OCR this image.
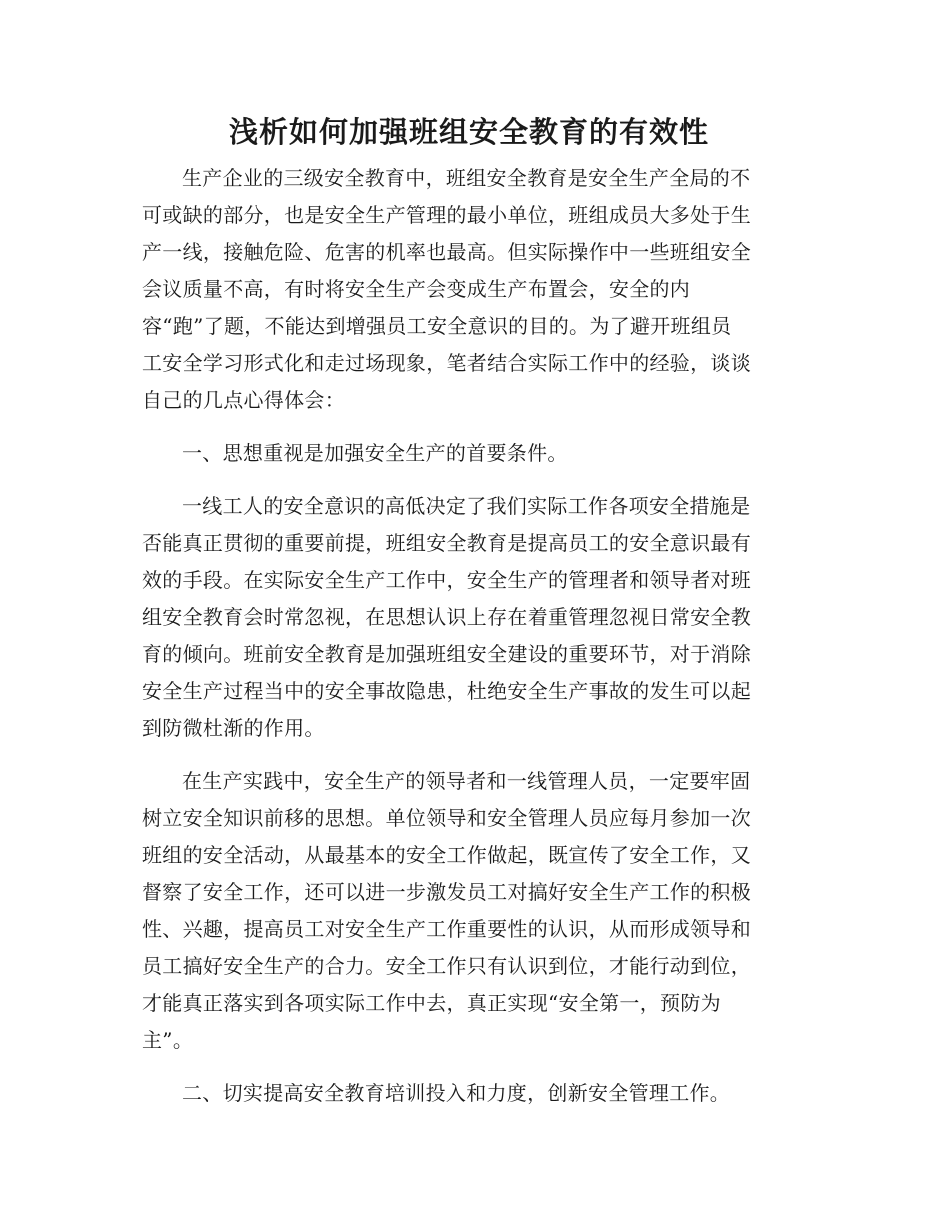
浅析如何加强班组安全教育的有效性

生产企业的三级安全教育中，班组安全教育是安全生产全局的不
可或缺的部分，也是安全生产管理的最小单位，班组成员大多处于生
产一线，接触危险、危害的机率也最高。但实际操作中一些班组安全
会议质量不高，有时将安全生产会变成生产布置会，安全的内
容“跑”了题，不能达到增强员工安全意识的目的。为了避开班组员
工安全学习形式化和走过场现象，笔者结合实际工作中的经验，谈谈
自己的几点心得体会：

一、思想重视是加强安全生产的首要条件。

一线工人的安全意识的高低决定了我们实际工作各项安全措施是
否能真正贯彻的重要前提，班组安全教育是提高员工的安全意识最有
效的手段。在实际安全生产工作中，安全生产的管理者和领导者对班
组安全教育会时常忽视，在思想认识上存在着重管理忽视日常安全教
育的倾向。班前安全教育是加强班组安全建设的重要环节，对于消除
安全生产过程当中的安全事故隐患，杜绝安全生产事故的发生可以起
到防微杜渐的作用。

在生产实践中，安全生产的领导者和一线管理人员，一定要牢固
树立安全知识前移的思想。单位领导和安全管理人员应每月参加一次
班组的安全活动，从最基本的安全工作做起，既宣传了安全工作，又
督察了安全工作，还可以进一步激发员工对搞好安全生产工作的积极
性、兴趣，提高员工对安全生产工作重要性的认识，从而形成领导和
员工搞好安全生产的合力。安全工作只有认识到位，才能行动到位，
才能真正落实到各项实际工作中去，真正实现“安全第一，预防为
主”。

二、切实提高安全教育培训投入和力度，创新安全管理工作。
